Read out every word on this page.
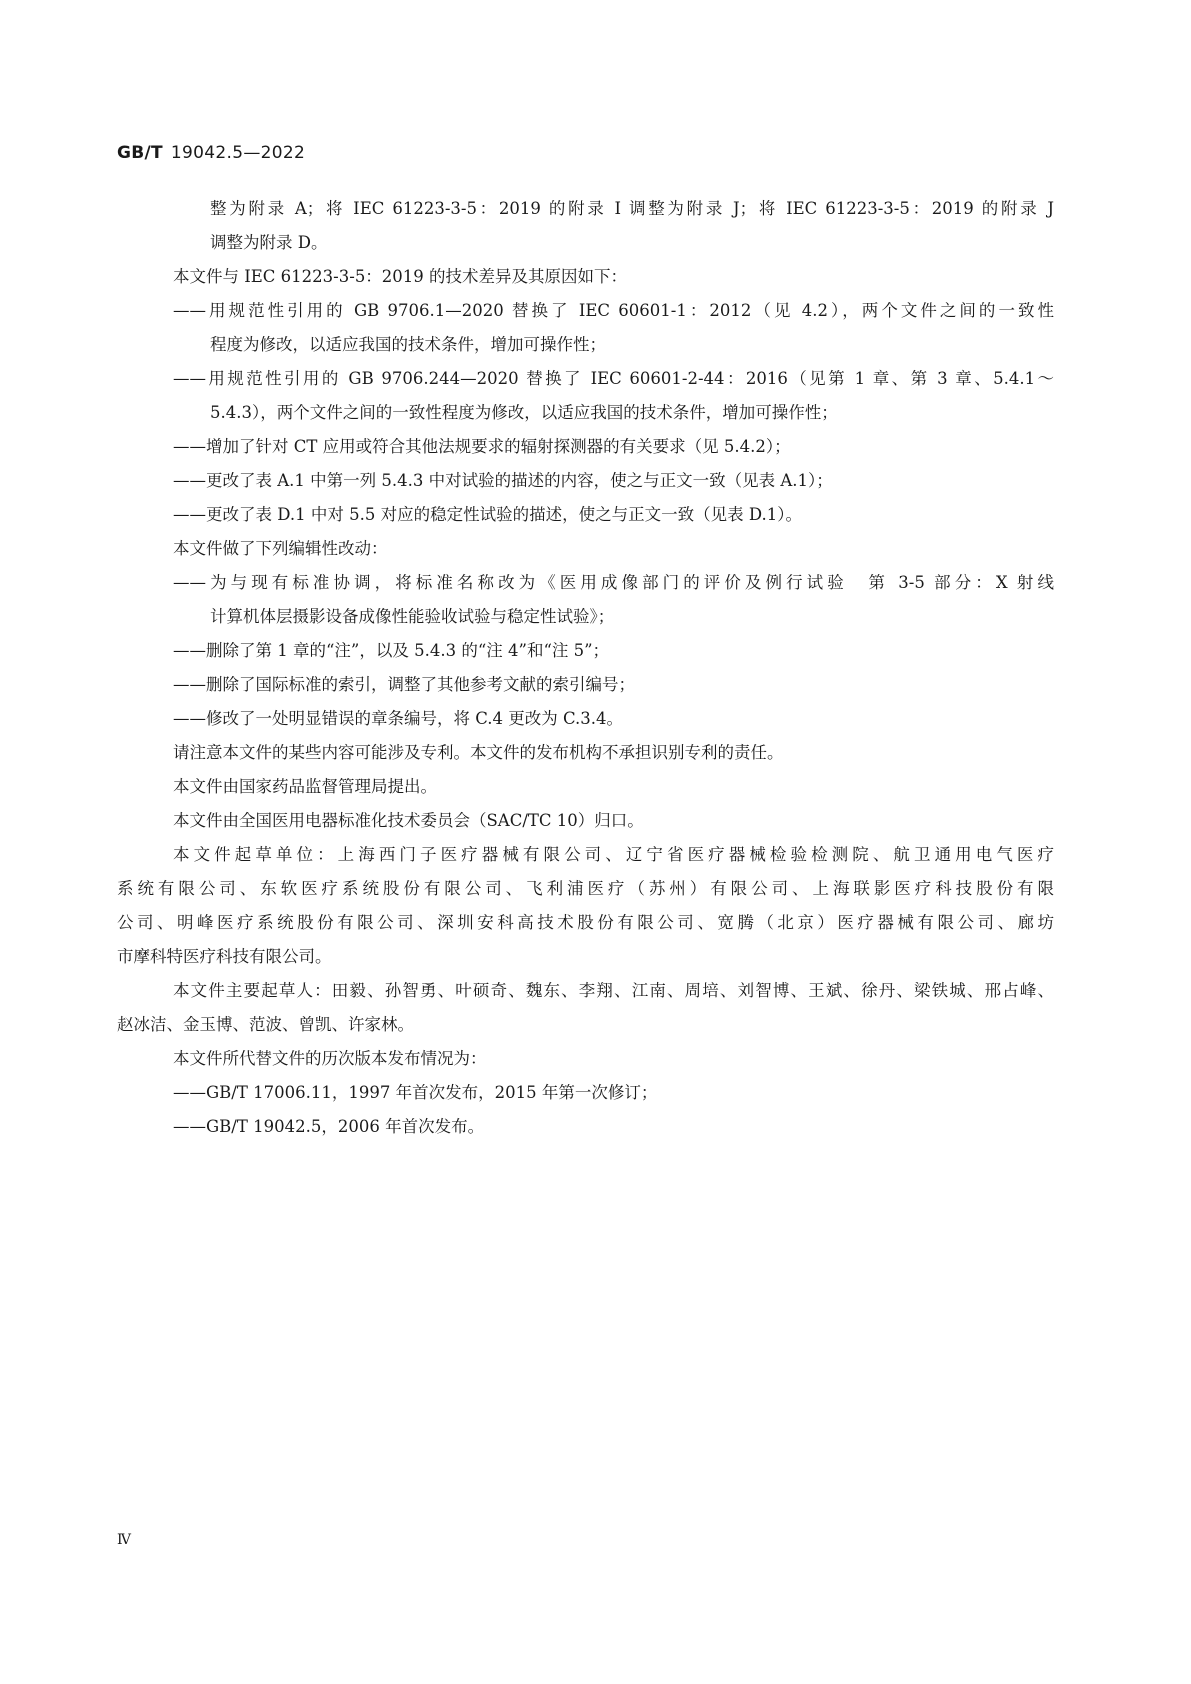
GB/T 19042.5—2022
整为附录 A；将 IEC 61223-3-5：2019 的附录 I 调整为附录 J；将 IEC 61223-3-5：2019 的附录 J
调整为附录 D。
本文件与 IEC 61223-3-5：2019 的技术差异及其原因如下：
——用规范性引用的 GB 9706.1—2020 替换了 IEC 60601-1：2012（见 4.2），两个文件之间的一致性
程度为修改，以适应我国的技术条件，增加可操作性；
——用规范性引用的 GB 9706.244—2020 替换了 IEC 60601-2-44：2016（见第 1 章、第 3 章、5.4.1～
5.4.3），两个文件之间的一致性程度为修改，以适应我国的技术条件，增加可操作性；
——增加了针对 CT 应用或符合其他法规要求的辐射探测器的有关要求（见 5.4.2）；
——更改了表 A.1 中第一列 5.4.3 中对试验的描述的内容，使之与正文一致（见表 A.1）；
——更改了表 D.1 中对 5.5 对应的稳定性试验的描述，使之与正文一致（见表 D.1）。
本文件做了下列编辑性改动：
——为与现有标准协调，将标准名称改为《医用成像部门的评价及例行试验　第 3-5 部分：X 射线
计算机体层摄影设备成像性能验收试验与稳定性试验》；
——删除了第 1 章的“注”，以及 5.4.3 的“注 4”和“注 5”；
——删除了国际标准的索引，调整了其他参考文献的索引编号；
——修改了一处明显错误的章条编号，将 C.4 更改为 C.3.4。
请注意本文件的某些内容可能涉及专利。本文件的发布机构不承担识别专利的责任。
本文件由国家药品监督管理局提出。
本文件由全国医用电器标准化技术委员会（SAC/TC 10）归口。
本文件起草单位：上海西门子医疗器械有限公司、辽宁省医疗器械检验检测院、航卫通用电气医疗
系统有限公司、东软医疗系统股份有限公司、飞利浦医疗（苏州）有限公司、上海联影医疗科技股份有限
公司、明峰医疗系统股份有限公司、深圳安科高技术股份有限公司、宽腾（北京）医疗器械有限公司、廊坊
市摩科特医疗科技有限公司。
本文件主要起草人：田毅、孙智勇、叶硕奇、魏东、李翔、江南、周培、刘智博、王斌、徐丹、梁铁城、邢占峰、
赵冰洁、金玉博、范波、曾凯、许家林。
本文件所代替文件的历次版本发布情况为：
——GB/T 17006.11，1997 年首次发布，2015 年第一次修订；
——GB/T 19042.5，2006 年首次发布。
Ⅳ
